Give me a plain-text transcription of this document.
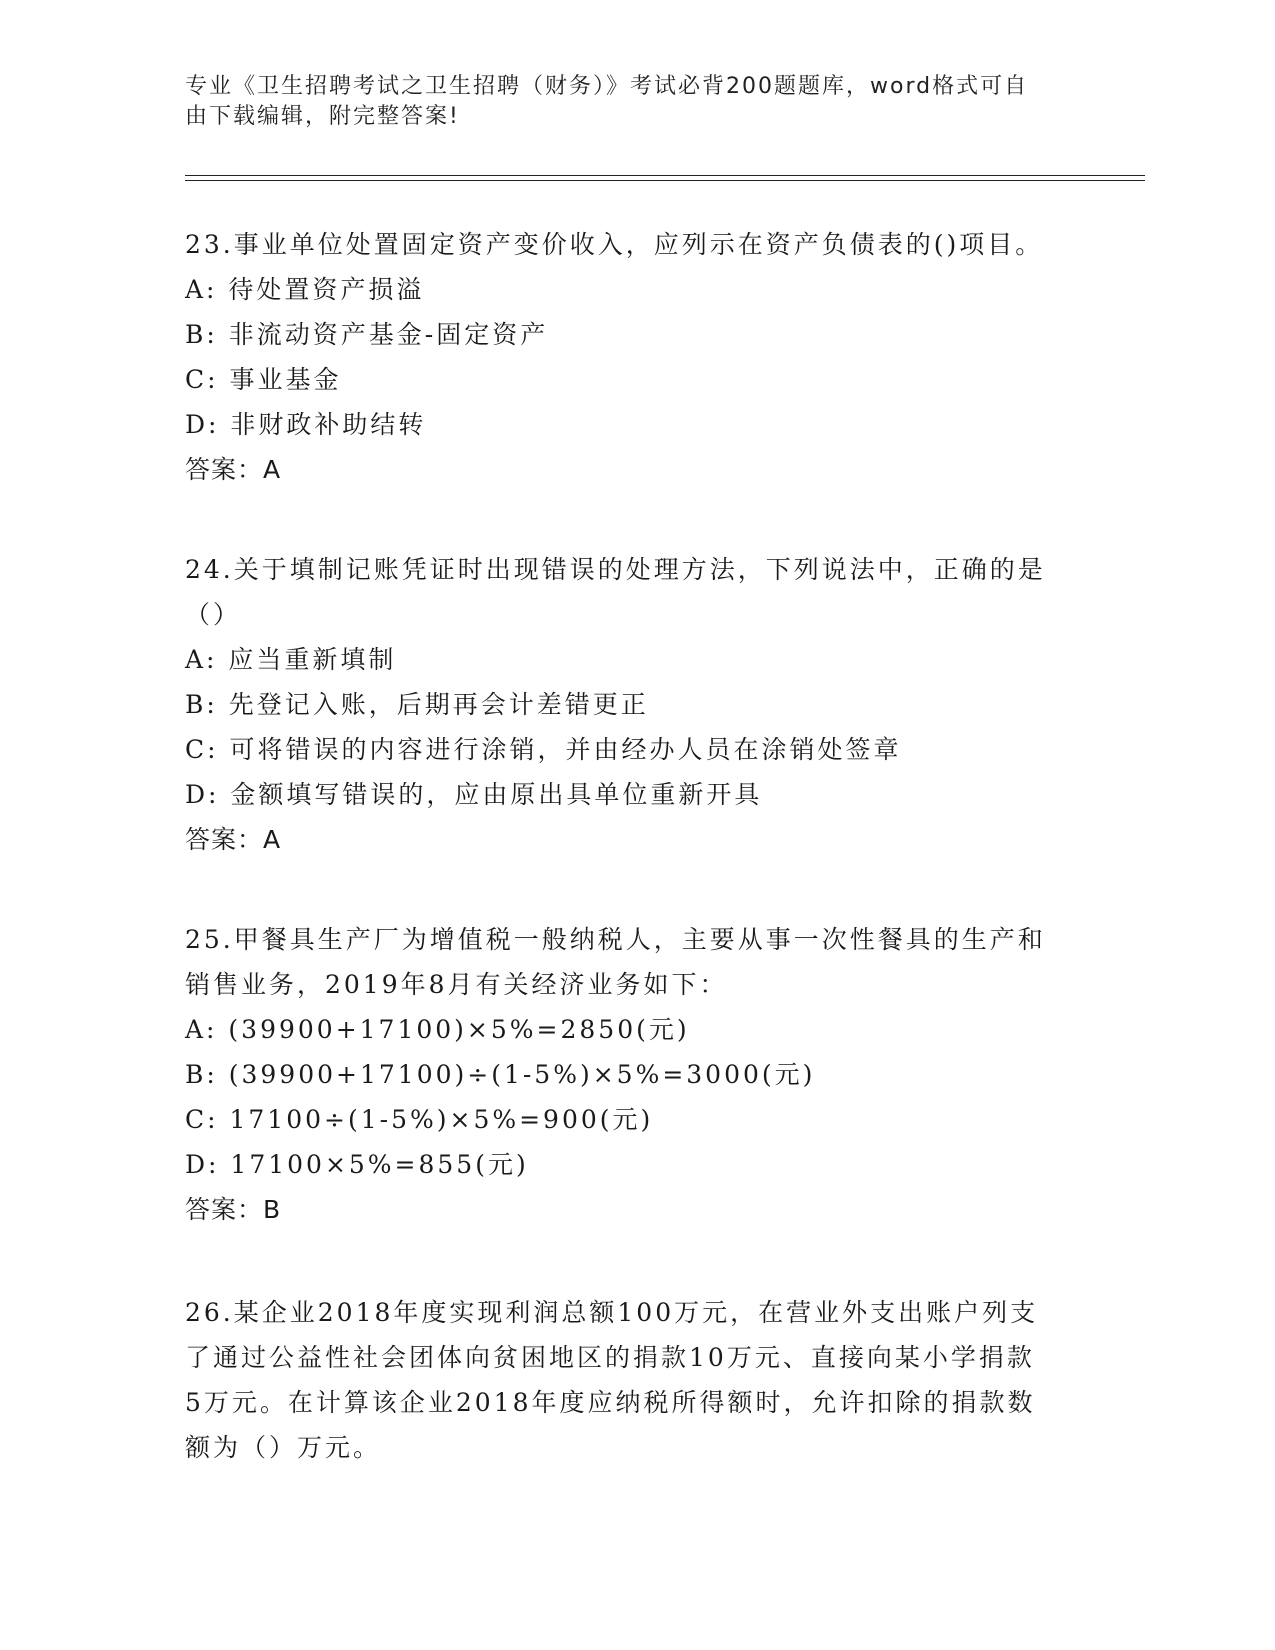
专业《卫生招聘考试之卫生招聘（财务）》考试必背200题题库，word格式可自
由下载编辑，附完整答案!
23.事业单位处置固定资产变价收入，应列示在资产负债表的()项目。
A: 待处置资产损溢
B: 非流动资产基金-固定资产
C: 事业基金
D: 非财政补助结转
答案：A
24.关于填制记账凭证时出现错误的处理方法，下列说法中，正确的是
（）
A: 应当重新填制
B: 先登记入账，后期再会计差错更正
C: 可将错误的内容进行涂销，并由经办人员在涂销处签章
D: 金额填写错误的，应由原出具单位重新开具
答案：A
25.甲餐具生产厂为增值税一般纳税人，主要从事一次性餐具的生产和
销售业务，2019年8月有关经济业务如下：
A: (39900+17100)×5%=2850(元)
B: (39900+17100)÷(1-5%)×5%=3000(元)
C: 17100÷(1-5%)×5%=900(元)
D: 17100×5%=855(元)
答案：B
26.某企业2018年度实现利润总额100万元，在营业外支出账户列支
了通过公益性社会团体向贫困地区的捐款10万元、直接向某小学捐款
5万元。在计算该企业2018年度应纳税所得额时，允许扣除的捐款数
额为（）万元。
